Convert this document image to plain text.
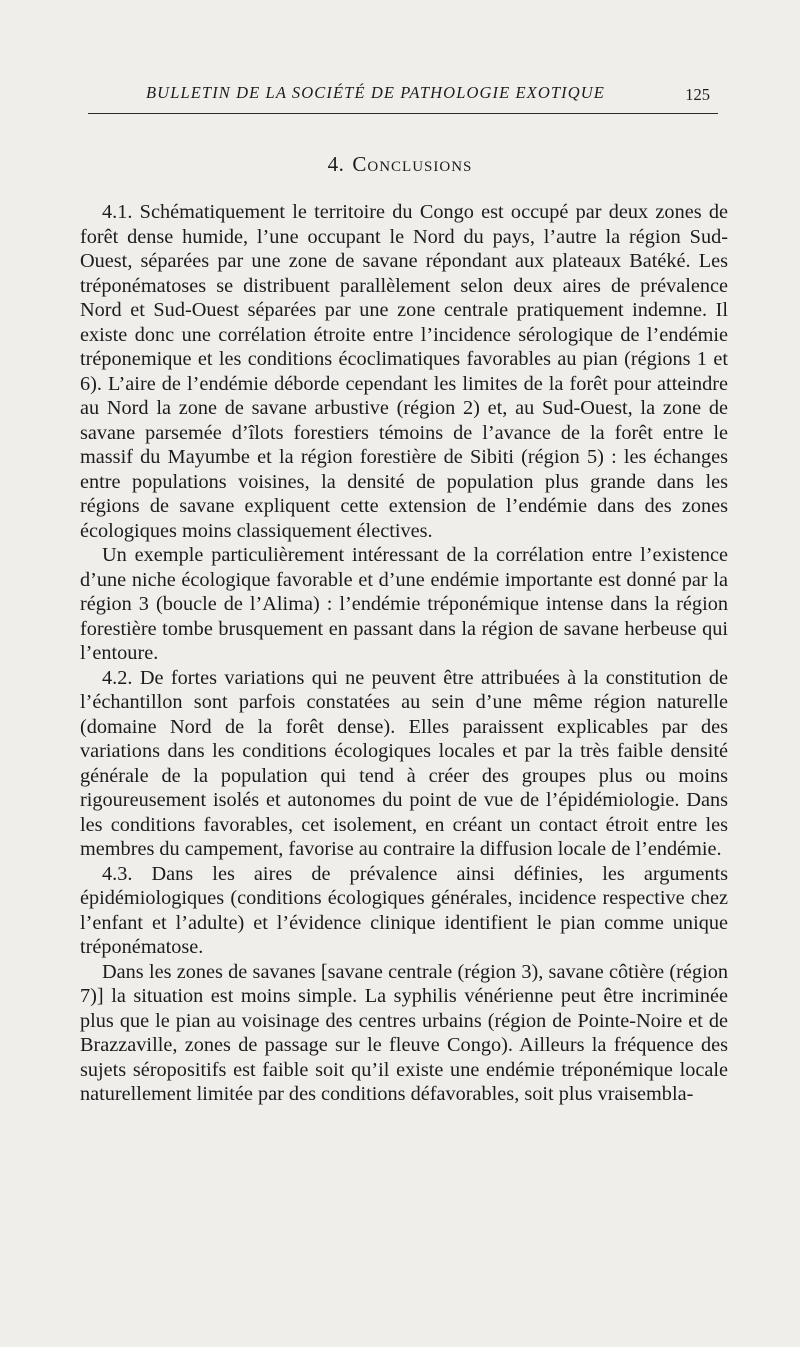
BULLETIN DE LA SOCIÉTÉ DE PATHOLOGIE EXOTIQUE	125
4. Conclusions

4.1. Schématiquement le territoire du Congo est occupé par deux zones de forêt dense humide, l’une occupant le Nord du pays, l’autre la région Sud-Ouest, séparées par une zone de savane répondant aux plateaux Batéké. Les tréponématoses se distribuent parallèlement selon deux aires de prévalence Nord et Sud-Ouest séparées par une zone centrale pratiquement indemne. Il existe donc une corrélation étroite entre l’incidence sérologique de l’endémie tréponemique et les conditions écoclimatiques favorables au pian (régions 1 et 6). L’aire de l’endémie déborde cependant les limites de la forêt pour atteindre au Nord la zone de savane arbustive (région 2) et, au Sud-Ouest, la zone de savane parsemée d’îlots forestiers témoins de l’avance de la forêt entre le massif du Mayumbe et la région forestière de Sibiti (région 5) : les échanges entre populations voisines, la densité de population plus grande dans les régions de savane expliquent cette extension de l’endémie dans des zones écologiques moins classiquement électives.

Un exemple particulièrement intéressant de la corrélation entre l’existence d’une niche écologique favorable et d’une endémie importante est donné par la région 3 (boucle de l’Alima) : l’endémie tréponémique intense dans la région forestière tombe brusquement en passant dans la région de savane herbeuse qui l’entoure.

4.2. De fortes variations qui ne peuvent être attribuées à la constitution de l’échantillon sont parfois constatées au sein d’une même région naturelle (domaine Nord de la forêt dense). Elles paraissent explicables par des variations dans les conditions écologiques locales et par la très faible densité générale de la population qui tend à créer des groupes plus ou moins rigoureusement isolés et autonomes du point de vue de l’épidémiologie. Dans les conditions favorables, cet isolement, en créant un contact étroit entre les membres du campement, favorise au contraire la diffusion locale de l’endémie.

4.3. Dans les aires de prévalence ainsi définies, les arguments épidémiologiques (conditions écologiques générales, incidence respective chez l’enfant et l’adulte) et l’évidence clinique identifient le pian comme unique tréponématose.

Dans les zones de savanes [savane centrale (région 3), savane côtière (région 7)] la situation est moins simple. La syphilis vénérienne peut être incriminée plus que le pian au voisinage des centres urbains (région de Pointe-Noire et de Brazzaville, zones de passage sur le fleuve Congo). Ailleurs la fréquence des sujets séropositifs est faible soit qu’il existe une endémie tréponémique locale naturellement limitée par des conditions défavorables, soit plus vraisembla-
